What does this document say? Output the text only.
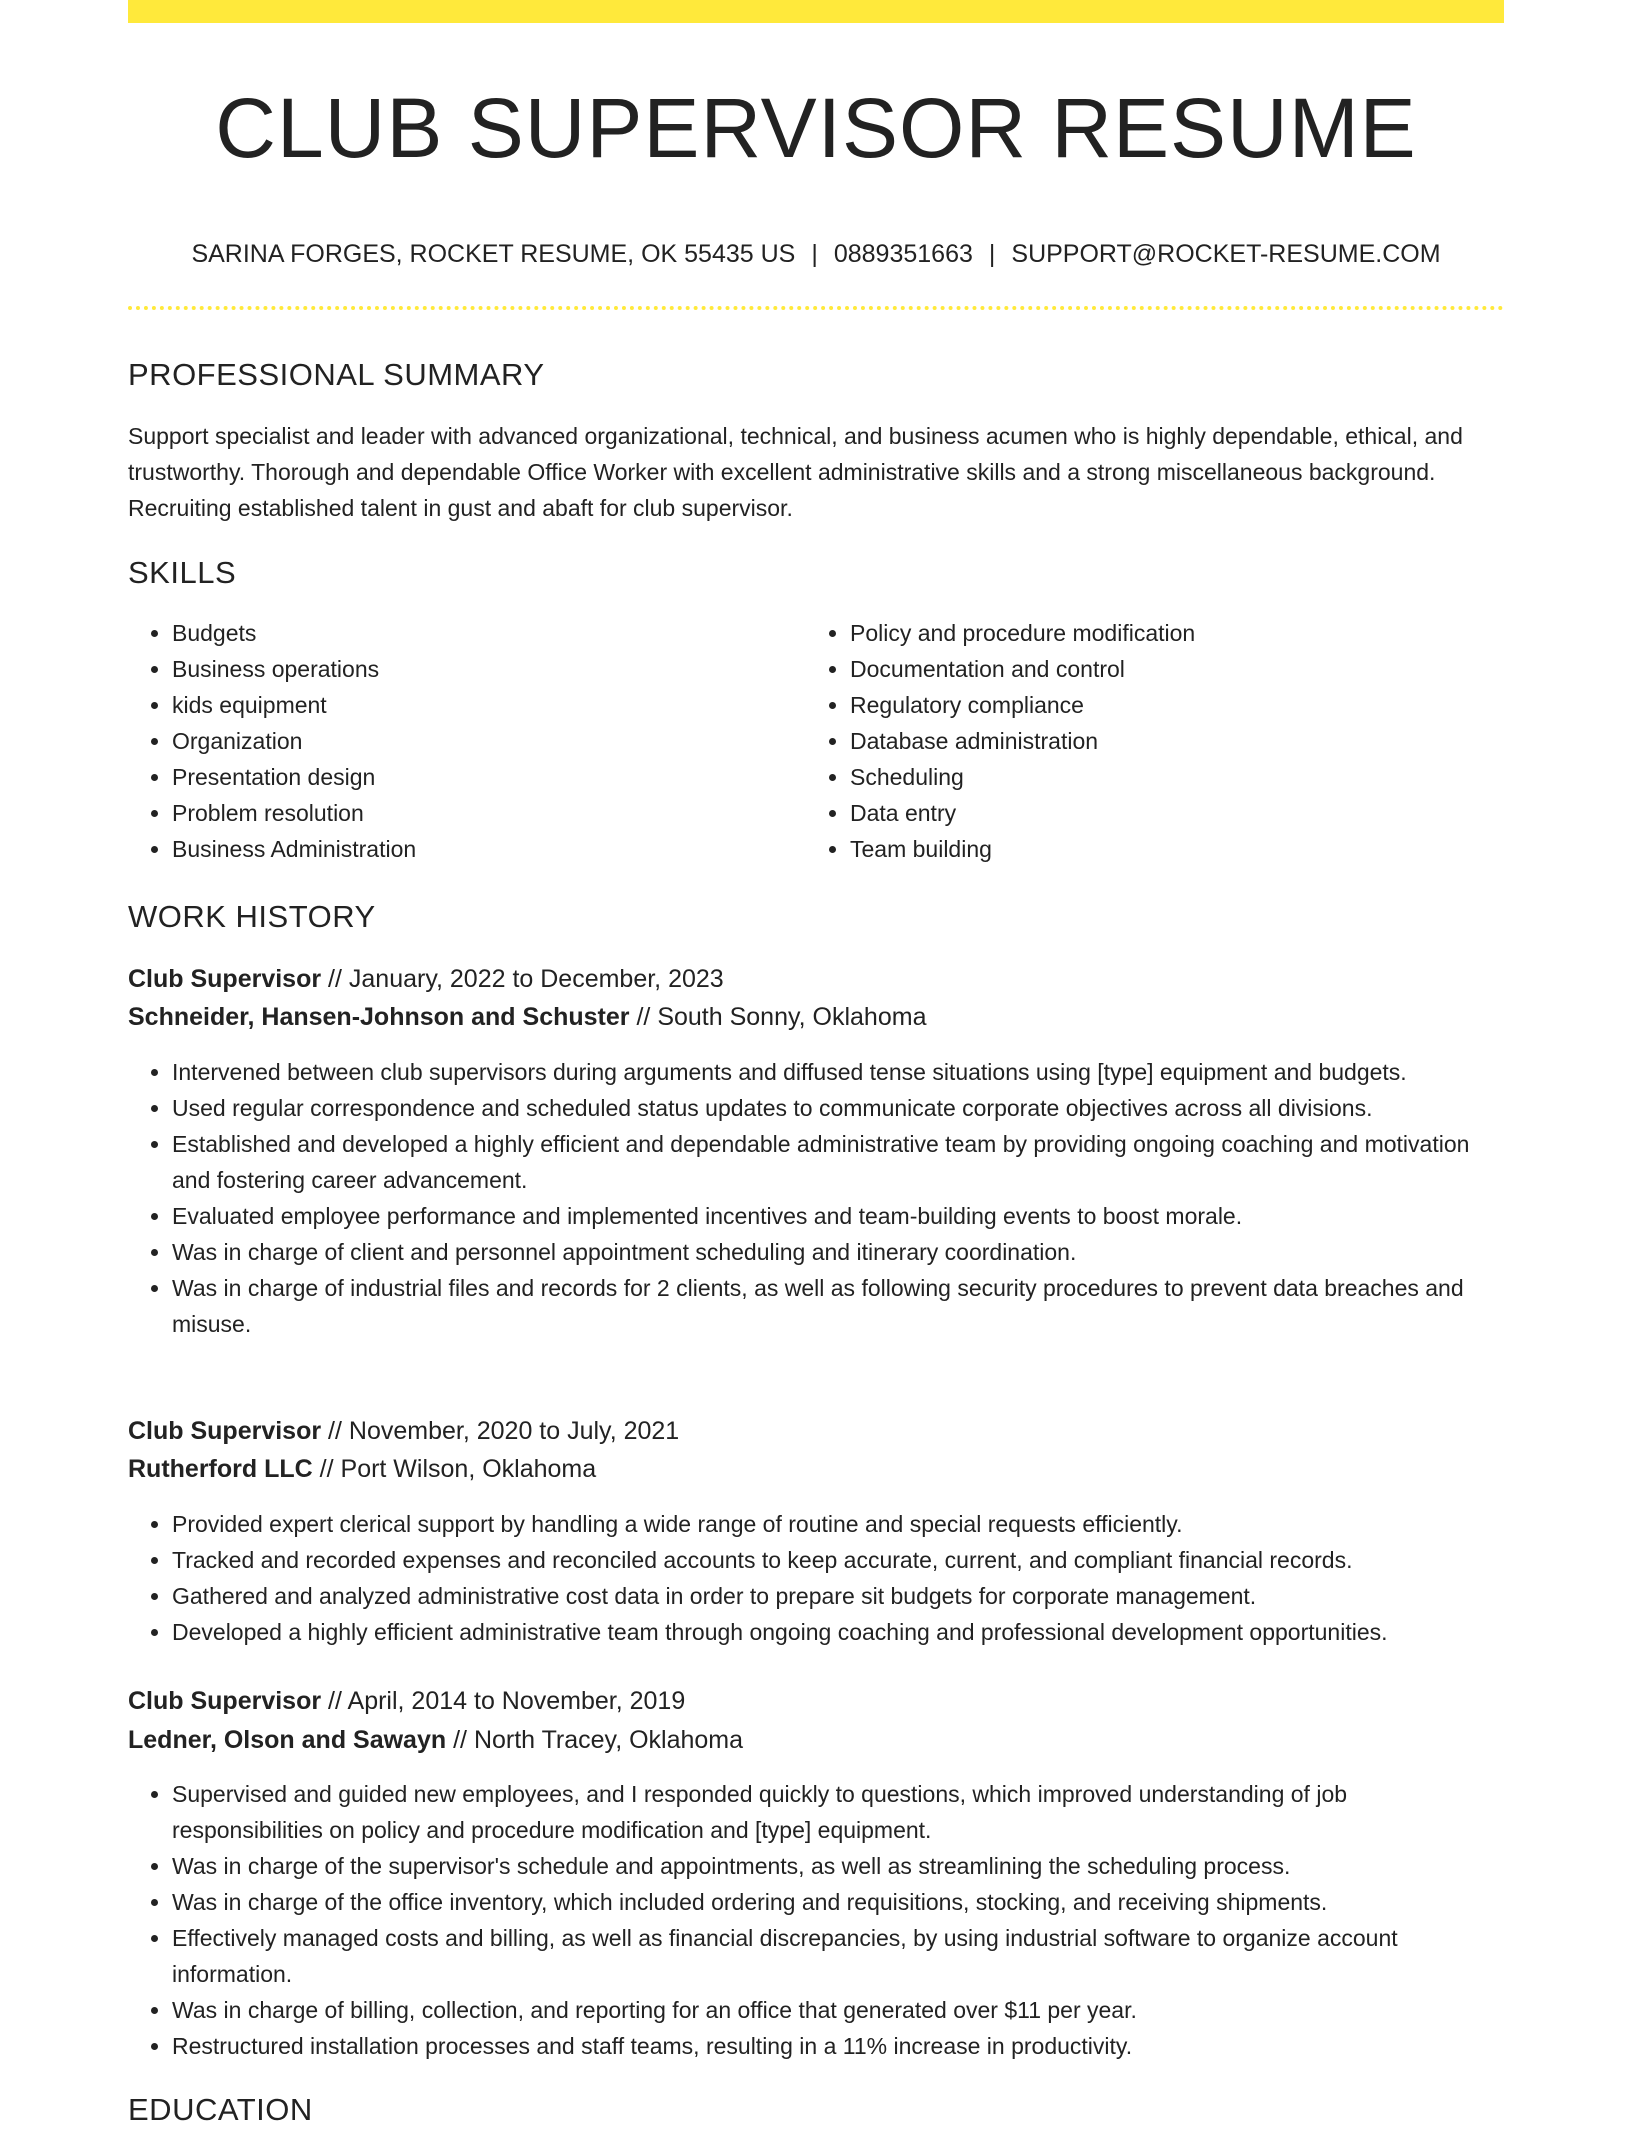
CLUB SUPERVISOR RESUME
SARINA FORGES, ROCKET RESUME, OK 55435 US | 0889351663 | SUPPORT@ROCKET-RESUME.COM
PROFESSIONAL SUMMARY
Support specialist and leader with advanced organizational, technical, and business acumen who is highly dependable, ethical, and trustworthy. Thorough and dependable Office Worker with excellent administrative skills and a strong miscellaneous background. Recruiting established talent in gust and abaft for club supervisor.
SKILLS
• Budgets
• Business operations
• kids equipment
• Organization
• Presentation design
• Problem resolution
• Business Administration
• Policy and procedure modification
• Documentation and control
• Regulatory compliance
• Database administration
• Scheduling
• Data entry
• Team building
WORK HISTORY
Club Supervisor // January, 2022 to December, 2023
Schneider, Hansen-Johnson and Schuster // South Sonny, Oklahoma
• Intervened between club supervisors during arguments and diffused tense situations using [type] equipment and budgets.
• Used regular correspondence and scheduled status updates to communicate corporate objectives across all divisions.
• Established and developed a highly efficient and dependable administrative team by providing ongoing coaching and motivation and fostering career advancement.
• Evaluated employee performance and implemented incentives and team-building events to boost morale.
• Was in charge of client and personnel appointment scheduling and itinerary coordination.
• Was in charge of industrial files and records for 2 clients, as well as following security procedures to prevent data breaches and misuse.
Club Supervisor // November, 2020 to July, 2021
Rutherford LLC // Port Wilson, Oklahoma
• Provided expert clerical support by handling a wide range of routine and special requests efficiently.
• Tracked and recorded expenses and reconciled accounts to keep accurate, current, and compliant financial records.
• Gathered and analyzed administrative cost data in order to prepare sit budgets for corporate management.
• Developed a highly efficient administrative team through ongoing coaching and professional development opportunities.
Club Supervisor // April, 2014 to November, 2019
Ledner, Olson and Sawayn // North Tracey, Oklahoma
• Supervised and guided new employees, and I responded quickly to questions, which improved understanding of job responsibilities on policy and procedure modification and [type] equipment.
• Was in charge of the supervisor's schedule and appointments, as well as streamlining the scheduling process.
• Was in charge of the office inventory, which included ordering and requisitions, stocking, and receiving shipments.
• Effectively managed costs and billing, as well as financial discrepancies, by using industrial software to organize account information.
• Was in charge of billing, collection, and reporting for an office that generated over $11 per year.
• Restructured installation processes and staff teams, resulting in a 11% increase in productivity.
EDUCATION
